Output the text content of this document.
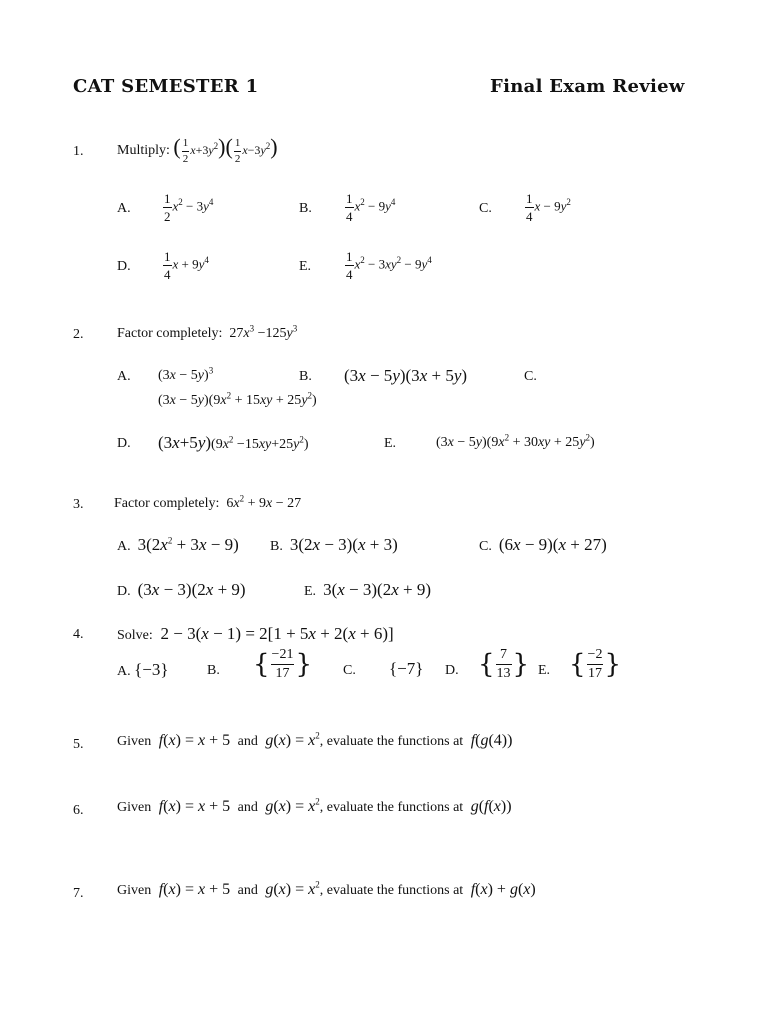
CAT SEMESTER 1	Final Exam Review
1. Multiply: ( $\frac{1}{2} x+3y^2)( \frac{1}{2} x-3y^2)$
A. $\frac{1}{2} x^2 - 3y^4$	B.	$\frac{1}{4} x^2 - 9y^4$	C.	$\frac{1}{4}$ $x - 9y^2$
D. $\frac{1}{4}$ $x + 9y^4$	E.	$\frac{1}{4} x^2 - 3xy^2 - 9y^4$
2. Factor completely:  $27x^3 -125y^3$
A. $(3x - 5y)^3$	B. (3x − 5y)(3x + 5y)	C.
$(3x - 5y)(9x^2 + 15xy + 25y^2)$
D. $(3x+5y)(9x^2 -15xy+25y^2)$	E.	$(3x - 5y)(9x^2 + 30xy + 25y^2)$
3. Factor completely:  $6x^2 + 9x - 27$
A. $3(2x^2 + 3x - 9)$ B. 3(2x − 3)(x + 3)	C. (6x − 9)(x + 27)
D. (3x − 3)(2x + 9)	E. 3(x − 3)(2x + 9)
4. Solve:  2 − 3(x − 1) = 2[1 + 5x + 2(x + 6)]
A. {−3}	B. { $\frac{-21}{17}$ } C. {−7} D. { $\frac{7}{13}$ } E. { $\frac{-2}{17}$ }
5. Given f(x) = x + 5  and $g(x) = x^2$, evaluate the functions at f(g(4))
6. Given f(x) = x + 5  and $g(x) = x^2$, evaluate the functions at g(f(x))
7. Given f(x) = x + 5  and $g(x) = x^2$, evaluate the functions at f(x) + g(x)
